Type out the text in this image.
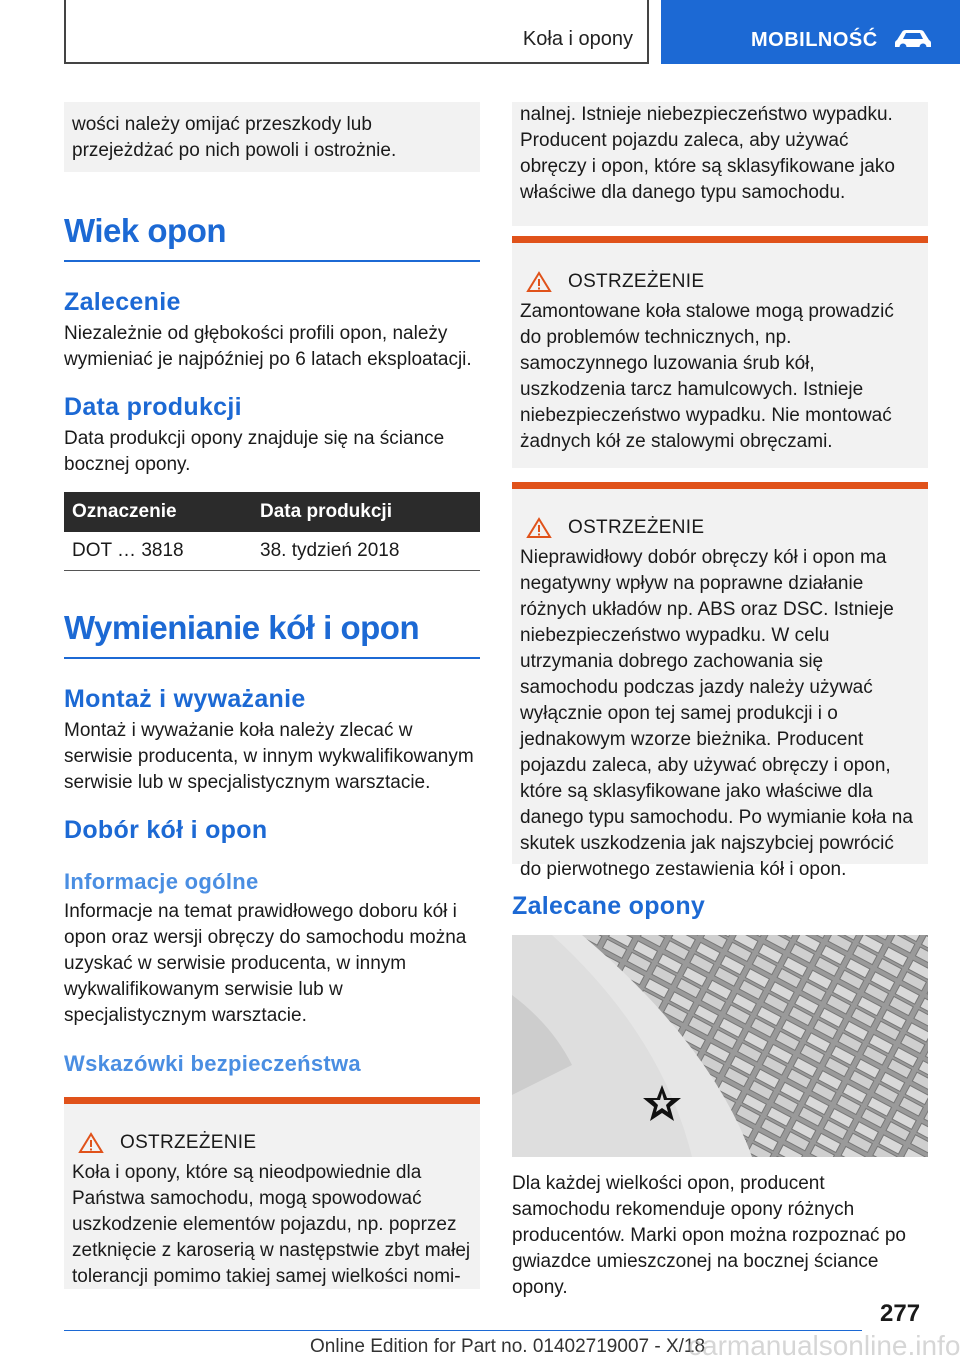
Koła i opony	MOBILNOŚĆ
wości należy omijać przeszkody lub przejeżdżać po nich powoli i ostrożnie.
Wiek opon
Zalecenie

Niezależnie od głębokości profili opon, należy wymieniać je najpóźniej po 6 latach eksploatacji.

Data produkcji

Data produkcji opony znajduje się na ściance bocznej opony.

Oznaczenie	Data produkcji
DOT … 3818	38. tydzień 2018
Wymienianie kół i opon
Montaż i wyważanie

Montaż i wyważanie koła należy zlecać w serwisie producenta, w innym wykwalifikowanym serwisie lub w specjalistycznym warsztacie.

Dobór kół i opon
Informacje ogólne

Informacje na temat prawidłowego doboru kół i opon oraz wersji obręczy do samochodu można uzyskać w serwisie producenta, w innym wykwalifikowanym serwisie lub w specjalistycznym warsztacie.

Wskazówki bezpieczeństwa
OSTRZEŻENIE
Koła i opony, które są nieodpowiednie dla Państwa samochodu, mogą spowodować uszkodzenie elementów pojazdu, np. poprzez zetknięcie z karoserią w następstwie zbyt małej tolerancji pomimo takiej samej wielkości nomi-
nalnej. Istnieje niebezpieczeństwo wypadku. Producent pojazdu zaleca, aby używać obręczy i opon, które są sklasyfikowane jako właściwe dla danego typu samochodu.
OSTRZEŻENIE
Zamontowane koła stalowe mogą prowadzić do problemów technicznych, np. samoczynnego luzowania śrub kół, uszkodzenia tarcz hamulcowych. Istnieje niebezpieczeństwo wypadku. Nie montować żadnych kół ze stalowymi obręczami.
OSTRZEŻENIE
Nieprawidłowy dobór obręczy kół i opon ma negatywny wpływ na poprawne działanie różnych układów np. ABS oraz DSC. Istnieje niebezpieczeństwo wypadku. W celu utrzymania dobrego zachowania się samochodu podczas jazdy należy używać wyłącznie opon tej samej produkcji i o jednakowym wzorze bieżnika. Producent pojazdu zaleca, aby używać obręczy i opon, które są sklasyfikowane jako właściwe dla danego typu samochodu. Po wymianie koła na skutek uszkodzenia jak najszybciej powrócić do pierwotnego zestawienia kół i opon.
Zalecane opony

Dla każdej wielkości opon, producent samochodu rekomenduje opony różnych producentów. Marki opon można rozpoznać po gwiazdce umieszczonej na bocznej ściance opony.

277
Online Edition for Part no. 01402719007 - X/18
carmanualsonline.info
